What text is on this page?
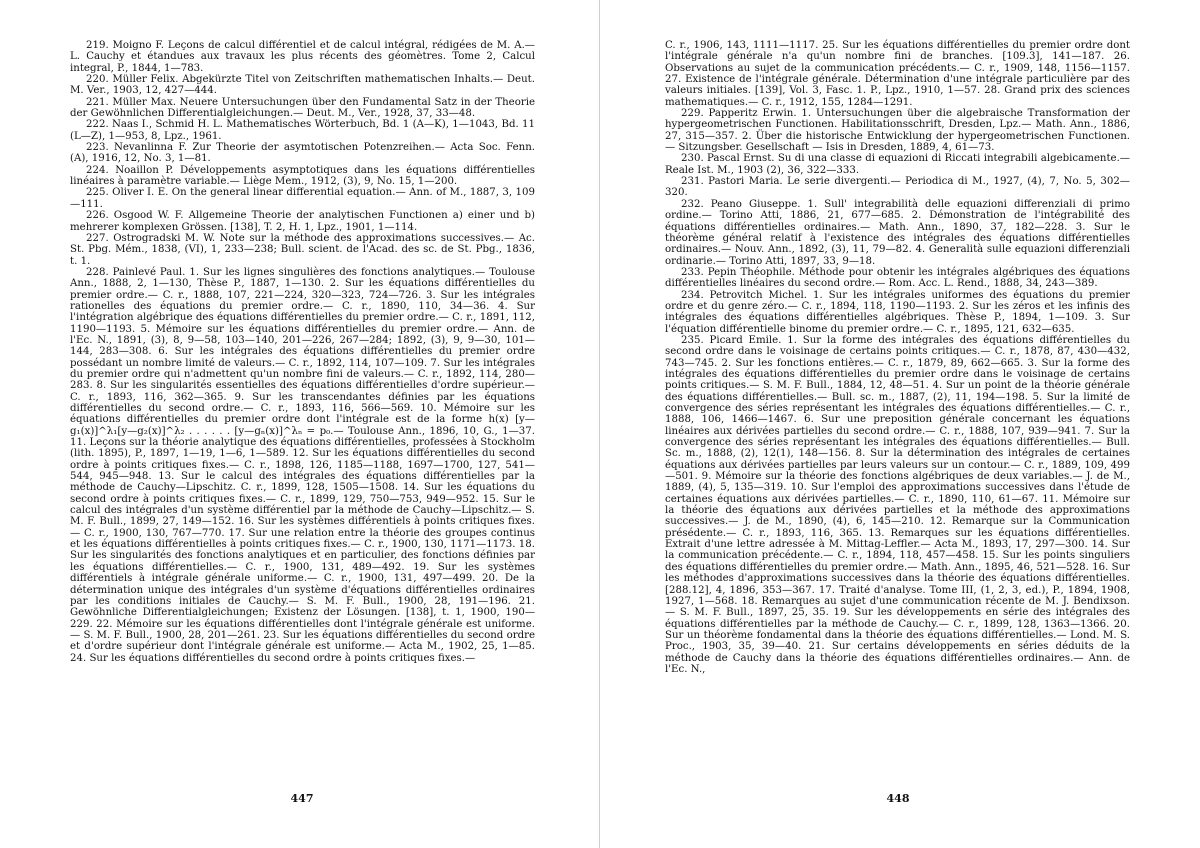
219. Moigno F. Leçons de calcul différentiel et de calcul intégral, rédigées de M. A.— L. Cauchy et étandues aux travaux les plus récents des géomètres. Tome 2, Calcul integral, P., 1844, 1—783.

220. Müller Felix. Abgekürzte Titel von Zeitschriften mathematischen Inhalts.— Deut. M. Ver., 1903, 12, 427—444.

221. Müller Max. Neuere Untersuchungen über den Fundamental Satz in der Theorie der Gewöhnlichen Differentialgleichungen.— Deut. M., Ver., 1928, 37, 33—48.

222. Naas I., Schmid H. L. Mathematisches Wörterbuch, Bd. 1 (A—K), 1—1043, Bd. 11 (L—Z), 1—953, 8, Lpz., 1961.

223. Nevanlinna F. Zur Theorie der asymtotischen Potenzreihen.— Acta Soc. Fenn. (A), 1916, 12, No. 3, 1—81.

224. Noaillon P. Développements asymptotiques dans les équations différentielles linéaires à paramètre variable.— Liège Mem., 1912, (3), 9, No. 15, 1—200.

225. Oliver I. E. On the general linear differential equation.— Ann. of M., 1887, 3, 109—111.

226. Osgood W. F. Allgemeine Theorie der analytischen Functionen a) einer und b) mehrerer komplexen Grössen. [138], T. 2, H. 1, Lpz., 1901, 1—114.

227. Ostrogradski M. W. Note sur la méthode des approximations successives.— Ac. St. Pbg. Mém., 1838, (VI), 1, 233—238; Bull. scient. de l'Acad. des sc. de St. Pbg., 1836, t. 1.

228. Painlevé Paul. 1. Sur les lignes singulières des fonctions analytiques.— Toulouse Ann., 1888, 2, 1—130, Thèse P., 1887, 1—130. 2. Sur les équations différentielles du premier ordre.— C. r., 1888, 107, 221—224, 320—323, 724—726. 3. Sur les intégrales rationelles des équations du premier ordre.— C. r., 1890, 110, 34—36. 4. Sur l'intégration algébrique des équations différentielles du premier ordre.— C. r., 1891, 112, 1190—1193. 5. Mémoire sur les équations différentielles du premier ordre.— Ann. de l'Ec. N., 1891, (3), 8, 9—58, 103—140, 201—226, 267—284; 1892, (3), 9, 9—30, 101—144, 283—308. 6. Sur les intégrales des équations différentielles du premier ordre possédant un nombre limité de valeurs.— C. r., 1892, 114, 107—109. 7. Sur les intégrales du premier ordre qui n'admettent qu'un nombre fini de valeurs.— C. r., 1892, 114, 280—283. 8. Sur les singularités essentielles des équations différentielles d'ordre supérieur.— C. r., 1893, 116, 362—365. 9. Sur les transcendantes définies par les équations différentielles du second ordre.— C. r., 1893, 116, 566—569. 10. Mémoire sur les équations différentielles du premier ordre dont l'intégrale est de la forme h(x) [y—g₁(x)]^λ₁[y—g₂(x)]^λ₂ . . . . . . [y—gₙ(x)]^λₙ = p₀.— Toulouse Ann., 1896, 10, G., 1—37. 11. Leçons sur la théorie analytique des équations différentielles, professées à Stockholm (lith. 1895), P., 1897, 1—19, 1—6, 1—589. 12. Sur les équations différentielles du second ordre à points critiques fixes.— C. r., 1898, 126, 1185—1188, 1697—1700, 127, 541—544, 945—948. 13. Sur le calcul des intégrales des équations différentielles par la méthode de Cauchy—Lipschitz. C. r., 1899, 128, 1505—1508. 14. Sur les équations du second ordre à points critiques fixes.— C. r., 1899, 129, 750—753, 949—952. 15. Sur le calcul des intégrales d'un système différentiel par la méthode de Cauchy—Lipschitz.— S. M. F. Bull., 1899, 27, 149—152. 16. Sur les systèmes différentiels à points critiques fixes.— C. r., 1900, 130, 767—770. 17. Sur une relation entre la théorie des groupes continus et les équations différentielles à points critiques fixes.— C. r., 1900, 130, 1171—1173. 18. Sur les singularités des fonctions analytiques et en particulier, des fonctions définies par les équations différentielles.— C. r., 1900, 131, 489—492. 19. Sur les systèmes différentiels à intégrale générale uniforme.— C. r., 1900, 131, 497—499. 20. De la détermination unique des intégrales d'un système d'équations différentielles ordinaires par les conditions initiales de Cauchy.— S. M. F. Bull., 1900, 28, 191—196. 21. Gewöhnliche Differentialgleichungen; Existenz der Lösungen. [138], t. 1, 1900, 190—229. 22. Mémoire sur les équations différentielles dont l'intégrale générale est uniforme.— S. M. F. Bull., 1900, 28, 201—261. 23. Sur les équations différentielles du second ordre et d'ordre supérieur dont l'intégrale générale est uniforme.— Acta M., 1902, 25, 1—85. 24. Sur les équations différentielles du second ordre à points critiques fixes.—

C. r., 1906, 143, 1111—1117. 25. Sur les équations différentielles du premier ordre dont l'intégrale générale n'a qu'un nombre fini de branches. [109.3], 141—187. 26. Observations au sujet de la communication précédents.— C. r., 1909, 148, 1156—1157. 27. Existence de l'intégrale générale. Détermination d'une intégrale particulière par des valeurs initiales. [139], Vol. 3, Fasc. 1. P., Lpz., 1910, 1—57. 28. Grand prix des sciences mathematiques.— C. r., 1912, 155, 1284—1291.

229. Papperitz Erwin. 1. Untersuchungen über die algebraische Transformation der hypergeometrischen Functionen. Habilitationsschrift, Dresden, Lpz.— Math. Ann., 1886, 27, 315—357. 2. Über die historische Entwicklung der hypergeometrischen Functionen.— Sitzungsber. Gesellschaft — Isis in Dresden, 1889, 4, 61—73.

230. Pascal Ernst. Su di una classe di equazioni di Riccati integrabili algebicamente.— Reale Ist. M., 1903 (2), 36, 322—333.

231. Pastori Maria. Le serie divergenti.— Periodica di M., 1927, (4), 7, No. 5, 302—320.

232. Peano Giuseppe. 1. Sull' integrabilità delle equazioni differenziali di primo ordine.— Torino Atti, 1886, 21, 677—685. 2. Démonstration de l'intégrabilité des équations différentielles ordinaires.— Math. Ann., 1890, 37, 182—228. 3. Sur le théorème général relatif à l'existence des intégrales des équations différentielles ordinaires.— Nouv. Ann., 1892, (3), 11, 79—82. 4. Generalità sulle equazioni differenziali ordinarie.— Torino Atti, 1897, 33, 9—18.

233. Pepin Théophile. Méthode pour obtenir les intégrales algébriques des équations différentielles linéaires du second ordre.— Rom. Acc. L. Rend., 1888, 34, 243—389.

234. Petrovitch Michel. 1. Sur les intégrales uniformes des équations du premier ordre et du genre zéro.— C. r., 1894, 118, 1190—1193. 2. Sur les zéros et les infinis des intégrales des équations différentielles algébriques. Thèse P., 1894, 1—109. 3. Sur l'équation différentielle binome du premier ordre.— C. r., 1895, 121, 632—635.

235. Picard Emile. 1. Sur la forme des intégrales des équations différentielles du second ordre dans le voisinage de certains points critiques.— C. r., 1878, 87, 430—432, 743—745. 2. Sur les fonctions entières.— C. r., 1879, 89, 662—665. 3. Sur la forme des intégrales des équations différentielles du premier ordre dans le voisinage de certains points critiques.— S. M. F. Bull., 1884, 12, 48—51. 4. Sur un point de la théorie générale des équations différentielles.— Bull. sc. m., 1887, (2), 11, 194—198. 5. Sur la limité de convergence des séries représentant les intégrales des équations différentielles.— C. r., 1888, 106, 1466—1467. 6. Sur une preposition générale concernant les équations linéaires aux dérivées partielles du second ordre.— C. r., 1888, 107, 939—941. 7. Sur la convergence des séries représentant les intégrales des équations différentielles.— Bull. Sc. m., 1888, (2), 12(1), 148—156. 8. Sur la détermination des intégrales de certaines équations aux dérivées partielles par leurs valeurs sur un contour.— C. r., 1889, 109, 499—501. 9. Mémoire sur la théorie des fonctions algébriques de deux variables.— J. de M., 1889, (4), 5, 135—319. 10. Sur l'emploi des approximations successives dans l'étude de certaines équations aux dérivées partielles.— C. r., 1890, 110, 61—67. 11. Mémoire sur la théorie des équations aux dérivées partielles et la méthode des approximations successives.— J. de M., 1890, (4), 6, 145—210. 12. Remarque sur la Communication présédente.— C. r., 1893, 116, 365. 13. Remarques sur les équations différentielles. Extrait d'une lettre adressée à M. Mittag-Leffler.— Acta M., 1893, 17, 297—300. 14. Sur la communication précédente.— C. r., 1894, 118, 457—458. 15. Sur les points singuliers des équations différentielles du premier ordre.— Math. Ann., 1895, 46, 521—528. 16. Sur les méthodes d'approximations successives dans la théorie des équations différentielles. [288.12], 4, 1896, 353—367. 17. Traité d'analyse. Tome III, (1, 2, 3, ed.), P., 1894, 1908, 1927, 1—568. 18. Remarques au sujet d'une communication récente de M. J. Bendixson.— S. M. F. Bull., 1897, 25, 35. 19. Sur les développements en série des intégrales des équations différentielles par la méthode de Cauchy.— C. r., 1899, 128, 1363—1366. 20. Sur un théorème fondamental dans la théorie des équations différentielles.— Lond. M. S. Proc., 1903, 35, 39—40. 21. Sur certains développements en séries déduits de la méthode de Cauchy dans la théorie des équations différentielles ordinaires.— Ann. de l'Ec. N.,

447	448
